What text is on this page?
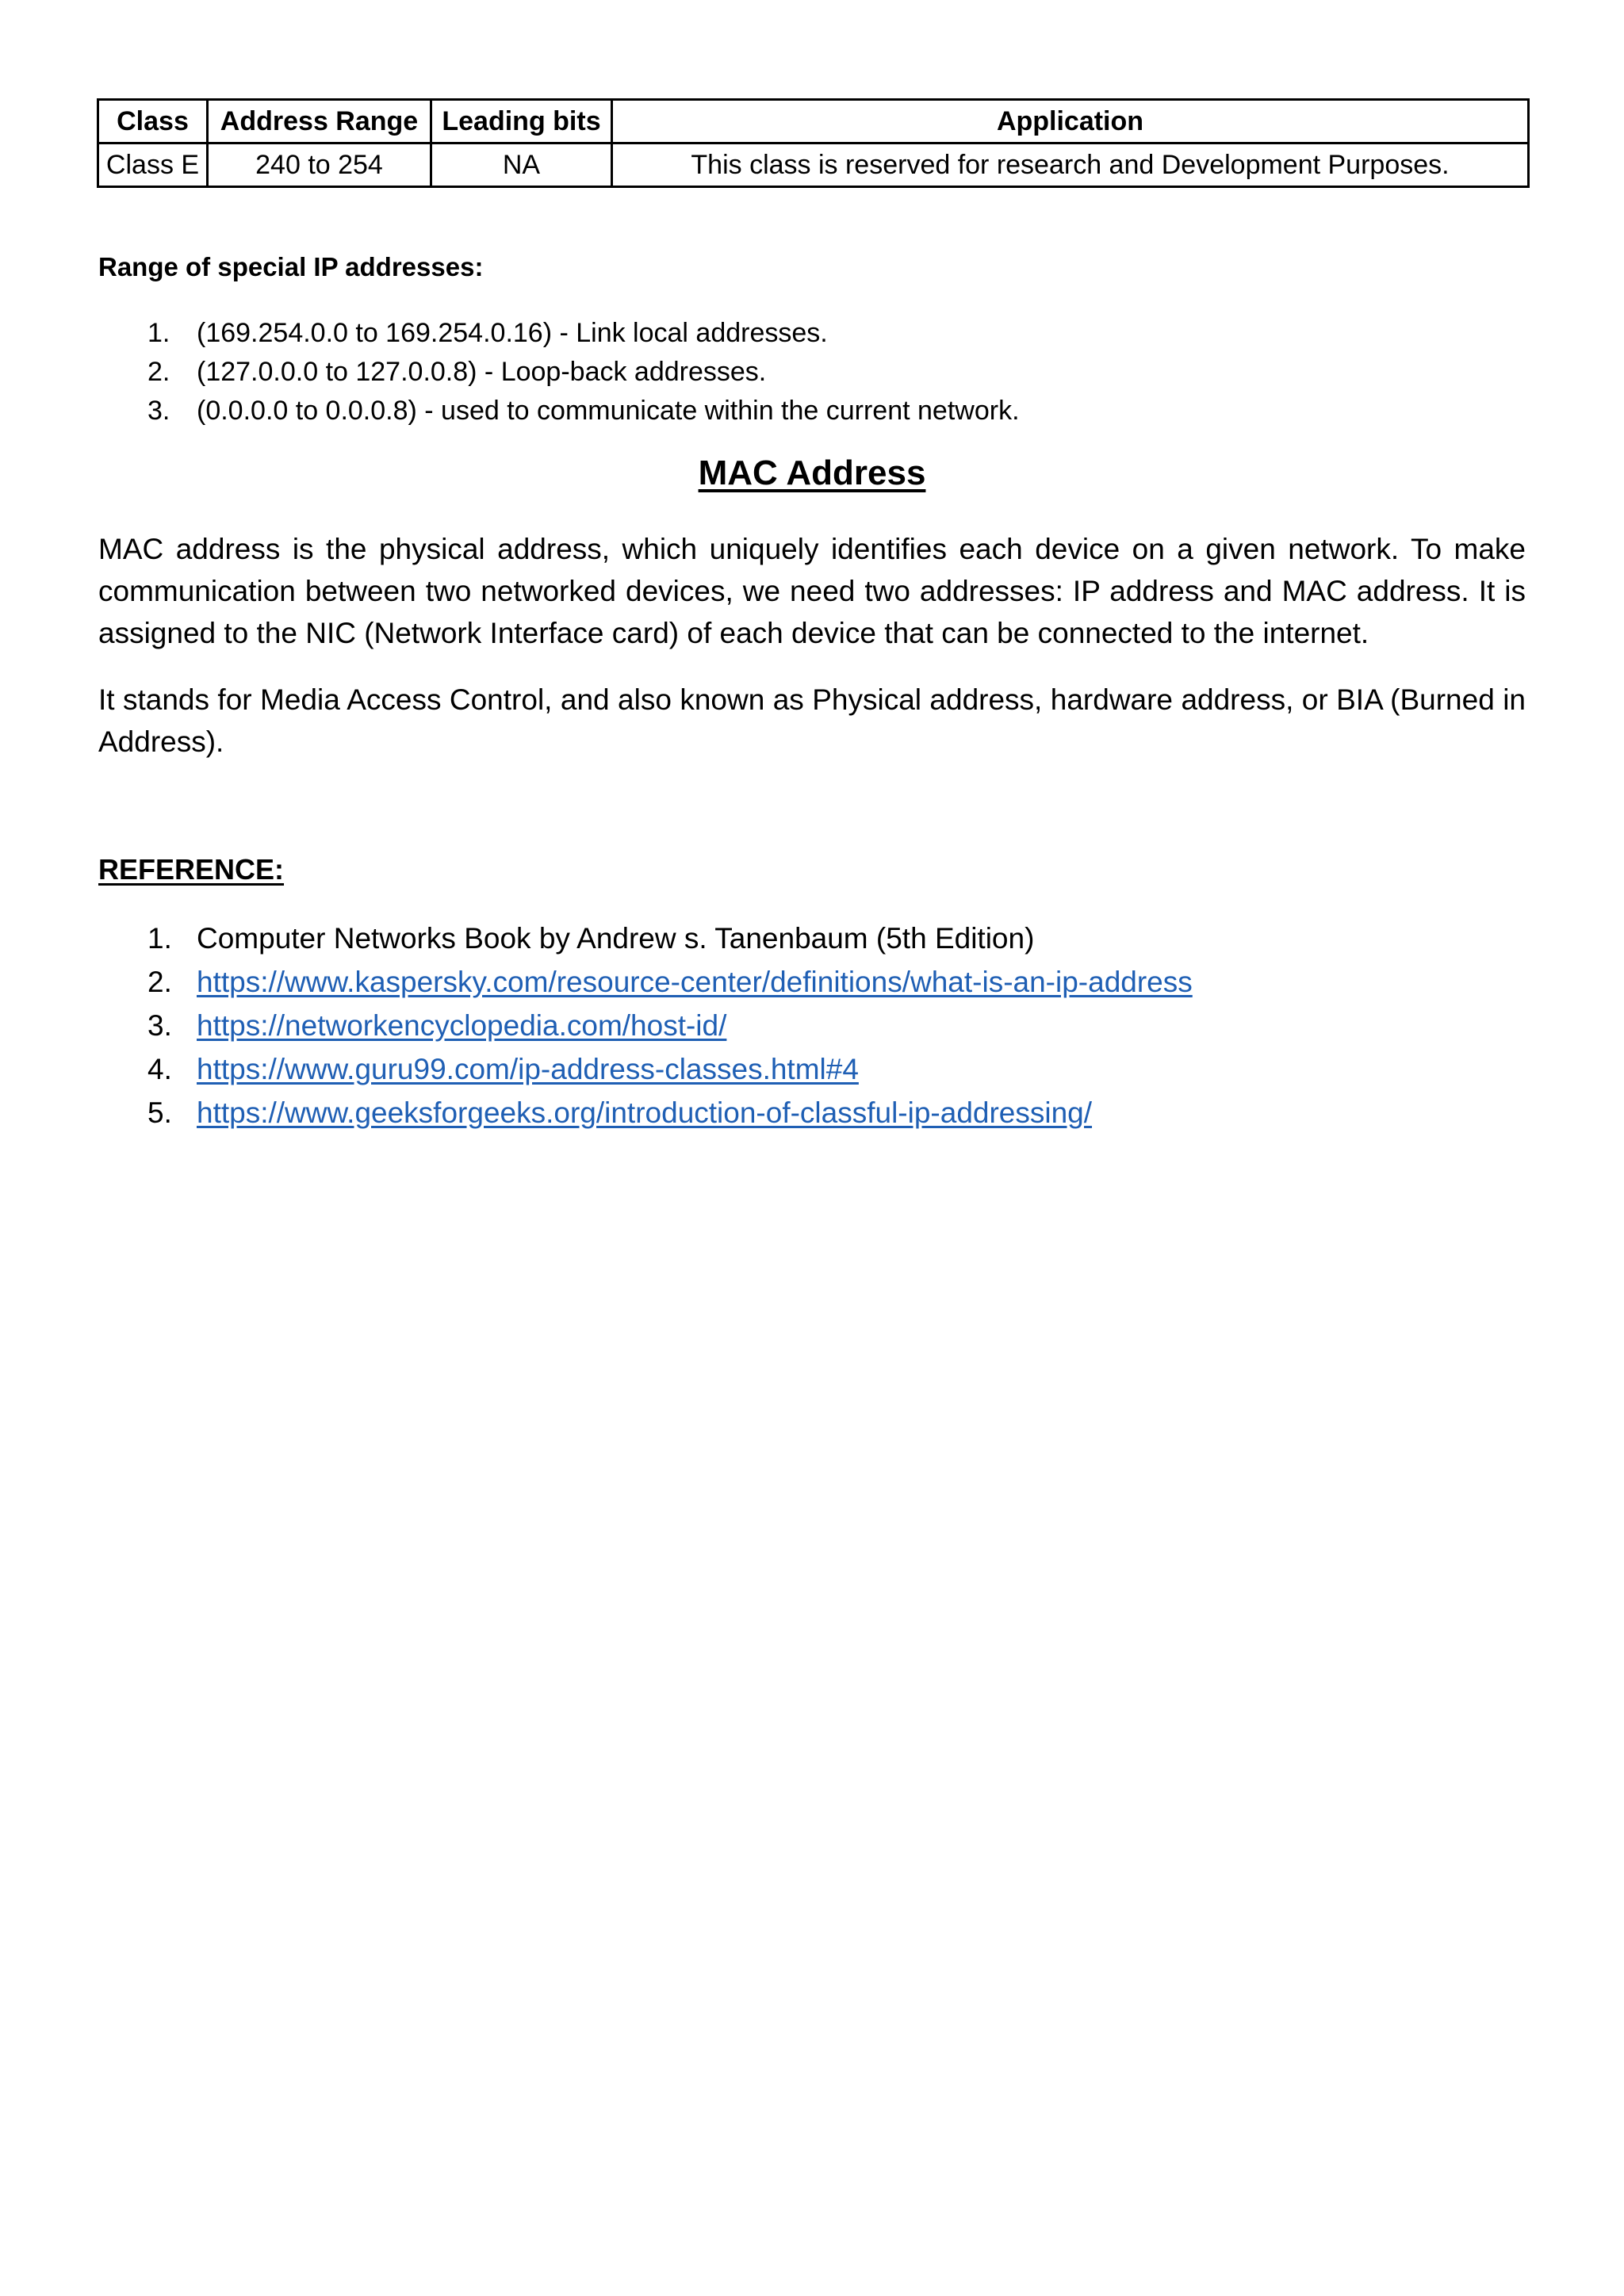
Class	Address Range	Leading bits	Application
Class E	240 to 254	NA	This class is reserved for research and Development Purposes.
Range of special IP addresses:
1. (169.254.0.0 to 169.254.0.16) - Link local addresses.
2. (127.0.0.0 to 127.0.0.8) - Loop-back addresses.
3. (0.0.0.0 to 0.0.0.8) - used to communicate within the current network.
MAC Address

MAC address is the physical address, which uniquely identifies each device on a given network. To make communication between two networked devices, we need two addresses: IP address and MAC address. It is assigned to the NIC (Network Interface card) of each device that can be connected to the internet.

It stands for Media Access Control, and also known as Physical address, hardware address, or BIA (Burned in Address).

REFERENCE:
1. Computer Networks Book by Andrew s. Tanenbaum (5th Edition)
2. https://www.kaspersky.com/resource-center/definitions/what-is-an-ip-address
3. https://networkencyclopedia.com/host-id/
4. https://www.guru99.com/ip-address-classes.html#4
5. https://www.geeksforgeeks.org/introduction-of-classful-ip-addressing/
